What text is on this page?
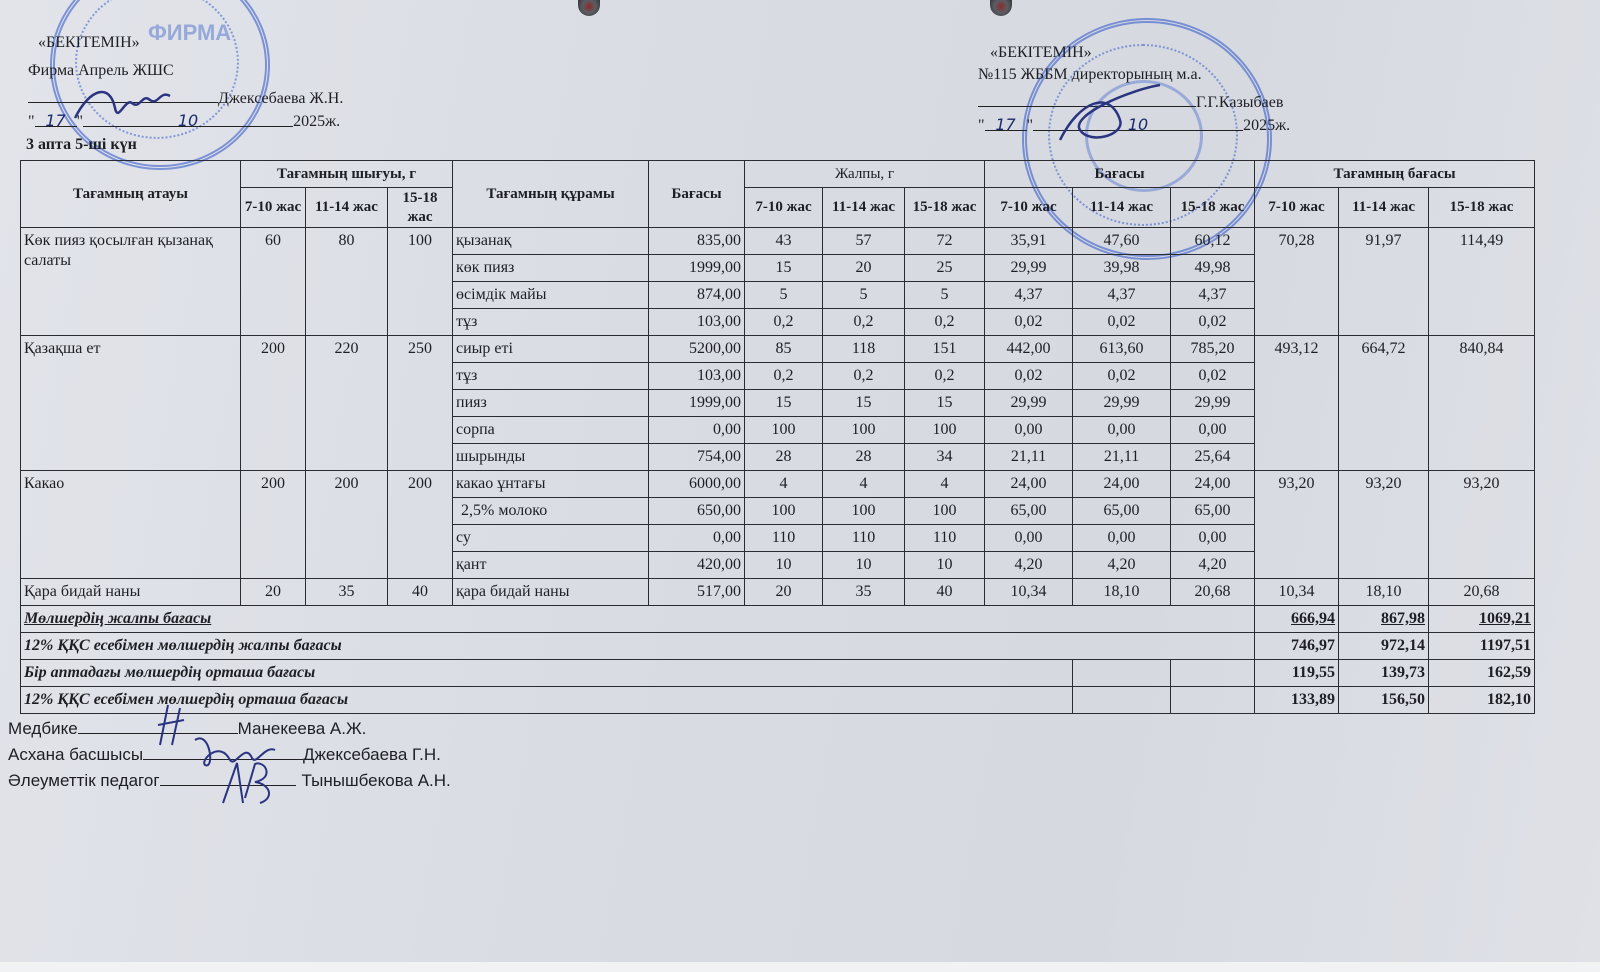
ФИРМА
«БЕКІТЕМІН»
Фирма Апрель ЖШС
Джексебаева Ж.Н.
" 17 "	10	2025ж.
«БЕКІТЕМІН»
№115 ЖББМ директорының м.а.
Г.Г.Казыбаев
" 17 "	10	2025ж.
3 апта 5-ші күн
Тағамның атауы	Тағамның шығуы, г			Тағамның құрамы	Бағасы	Жалпы, г			Бағасы			Тағамның бағасы		
	7-10 жас	11-14 жас	15-18 жас			7-10 жас	11-14 жас	15-18 жас	7-10 жас	11-14 жас	15-18 жас	7-10 жас	11-14 жас	15-18 жас
Көк пияз қосылған қызанақ салаты	60	80	100	қызанақ	835,00	43	57	72	35,91	47,60	60,12	70,28	91,97	114,49
				көк пияз	1999,00	15	20	25	29,99	39,98	49,98			
				өсімдік майы	874,00	5	5	5	4,37	4,37	4,37			
				тұз	103,00	0,2	0,2	0,2	0,02	0,02	0,02			
Қазақша ет	200	220	250	сиыр еті	5200,00	85	118	151	442,00	613,60	785,20	493,12	664,72	840,84
				тұз	103,00	0,2	0,2	0,2	0,02	0,02	0,02			
				пияз	1999,00	15	15	15	29,99	29,99	29,99			
				сорпа	0,00	100	100	100	0,00	0,00	0,00			
				шырынды	754,00	28	28	34	21,11	21,11	25,64			
Какао	200	200	200	какао ұнтағы	6000,00	4	4	4	24,00	24,00	24,00	93,20	93,20	93,20
				2,5% молоко	650,00	100	100	100	65,00	65,00	65,00			
				су	0,00	110	110	110	0,00	0,00	0,00			
				қант	420,00	10	10	10	4,20	4,20	4,20			
Қара бидай наны	20	35	40	қара бидай наны	517,00	20	35	40	10,34	18,10	20,68	10,34	18,10	20,68
Мөлшердің жалпы бағасы												666,94	867,98	1069,21
12% ҚҚС есебімен мөлшердің жалпы бағасы												746,97	972,14	1197,51
Бір аптадағы мөлшердің орташа бағасы												119,55	139,73	162,59
12% ҚҚС есебімен мөлшердің орташа бағасы												133,89	156,50	182,10
Медбике	Манекеева А.Ж.
Асхана басшысы	Джексебаева Г.Н.
Әлеуметтік педагог	Тынышбекова А.Н.
